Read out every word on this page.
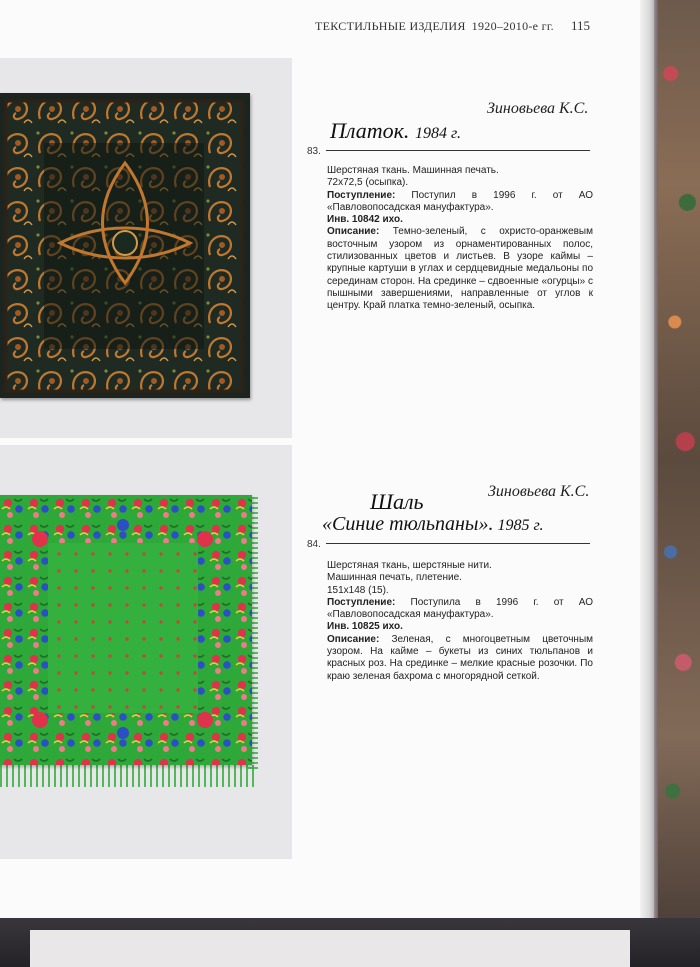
ТЕКСТИЛЬНЫЕ ИЗДЕЛИЯ 1920–2010-е гг. 115
Зиновьева К.С.
Платок. 1984 г.
83.

Шерстяная ткань. Машинная печать.

72х72,5 (осыпка).

Поступление: Поступил в 1996 г. от АО «Павловопосадская мануфактура».

Инв. 10842 ихо.

Описание: Темно-зеленый, с охристо-оранжевым восточным узором из орнаментированных полос, стилизованных цветов и листьев. В узоре каймы – крупные картуши в углах и сердцевидные медальоны по серединам сторон. На срединке – сдвоенные «огурцы» с пышными завершениями, направленные от углов к центру. Край платка темно-зеленый, осыпка.

Зиновьева К.С.
Шаль
«Синие тюльпаны». 1985 г.
84.

Шерстяная ткань, шерстяные нити.

Машинная печать, плетение.

151х148 (15).

Поступление: Поступила в 1996 г. от АО «Павловопосадская мануфактура».

Инв. 10825 ихо.

Описание: Зеленая, с многоцветным цветочным узором. На кайме – букеты из синих тюльпанов и красных роз. На срединке – мелкие красные розочки. По краю зеленая бахрома с многорядной сеткой.
